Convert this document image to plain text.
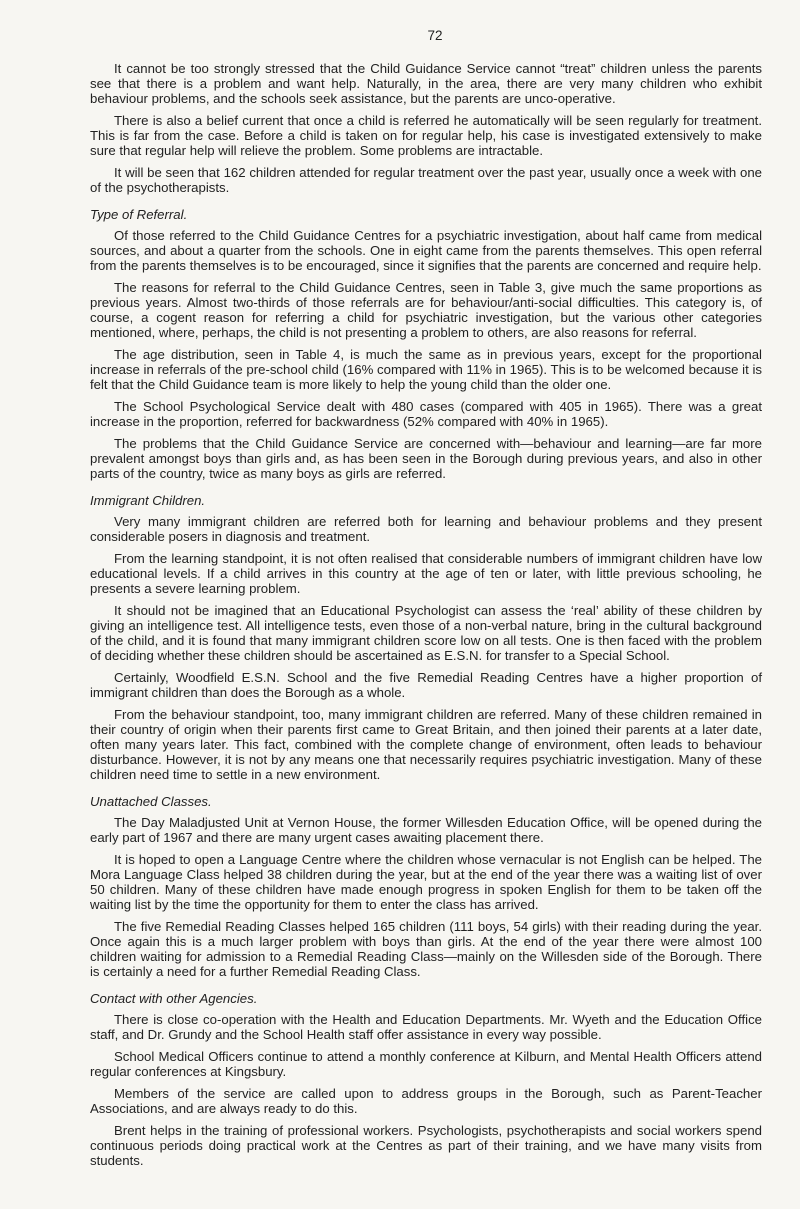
72

It cannot be too strongly stressed that the Child Guidance Service cannot “treat” children unless the parents see that there is a problem and want help. Naturally, in the area, there are very many children who exhibit behaviour problems, and the schools seek assistance, but the parents are unco-operative.

There is also a belief current that once a child is referred he automatically will be seen regularly for treatment. This is far from the case. Before a child is taken on for regular help, his case is investigated extensively to make sure that regular help will relieve the problem. Some problems are intractable.

It will be seen that 162 children attended for regular treatment over the past year, usually once a week with one of the psychotherapists.

Type of Referral.

Of those referred to the Child Guidance Centres for a psychiatric investigation, about half came from medical sources, and about a quarter from the schools. One in eight came from the parents themselves. This open referral from the parents themselves is to be encouraged, since it signifies that the parents are concerned and require help.

The reasons for referral to the Child Guidance Centres, seen in Table 3, give much the same proportions as previous years. Almost two-thirds of those referrals are for behaviour/anti-social difficulties. This category is, of course, a cogent reason for referring a child for psychiatric investigation, but the various other categories mentioned, where, perhaps, the child is not presenting a problem to others, are also reasons for referral.

The age distribution, seen in Table 4, is much the same as in previous years, except for the proportional increase in referrals of the pre-school child (16% compared with 11% in 1965). This is to be welcomed because it is felt that the Child Guidance team is more likely to help the young child than the older one.

The School Psychological Service dealt with 480 cases (compared with 405 in 1965). There was a great increase in the proportion, referred for backwardness (52% compared with 40% in 1965).

The problems that the Child Guidance Service are concerned with—behaviour and learning—are far more prevalent amongst boys than girls and, as has been seen in the Borough during previous years, and also in other parts of the country, twice as many boys as girls are referred.

Immigrant Children.

Very many immigrant children are referred both for learning and behaviour problems and they present considerable posers in diagnosis and treatment.

From the learning standpoint, it is not often realised that considerable numbers of immigrant children have low educational levels. If a child arrives in this country at the age of ten or later, with little previous schooling, he presents a severe learning problem.

It should not be imagined that an Educational Psychologist can assess the ‘real’ ability of these children by giving an intelligence test. All intelligence tests, even those of a non-verbal nature, bring in the cultural background of the child, and it is found that many immigrant children score low on all tests. One is then faced with the problem of deciding whether these children should be ascertained as E.S.N. for transfer to a Special School.

Certainly, Woodfield E.S.N. School and the five Remedial Reading Centres have a higher proportion of immigrant children than does the Borough as a whole.

From the behaviour standpoint, too, many immigrant children are referred. Many of these children remained in their country of origin when their parents first came to Great Britain, and then joined their parents at a later date, often many years later. This fact, combined with the complete change of environment, often leads to behaviour disturbance. However, it is not by any means one that necessarily requires psychiatric investigation. Many of these children need time to settle in a new environment.

Unattached Classes.

The Day Maladjusted Unit at Vernon House, the former Willesden Education Office, will be opened during the early part of 1967 and there are many urgent cases awaiting placement there.

It is hoped to open a Language Centre where the children whose vernacular is not English can be helped. The Mora Language Class helped 38 children during the year, but at the end of the year there was a waiting list of over 50 children. Many of these children have made enough progress in spoken English for them to be taken off the waiting list by the time the opportunity for them to enter the class has arrived.

The five Remedial Reading Classes helped 165 children (111 boys, 54 girls) with their reading during the year. Once again this is a much larger problem with boys than girls. At the end of the year there were almost 100 children waiting for admission to a Remedial Reading Class—mainly on the Willesden side of the Borough. There is certainly a need for a further Remedial Reading Class.

Contact with other Agencies.

There is close co-operation with the Health and Education Departments. Mr. Wyeth and the Education Office staff, and Dr. Grundy and the School Health staff offer assistance in every way possible.

School Medical Officers continue to attend a monthly conference at Kilburn, and Mental Health Officers attend regular conferences at Kingsbury.

Members of the service are called upon to address groups in the Borough, such as Parent-Teacher Associations, and are always ready to do this.

Brent helps in the training of professional workers. Psychologists, psychotherapists and social workers spend continuous periods doing practical work at the Centres as part of their training, and we have many visits from students.
